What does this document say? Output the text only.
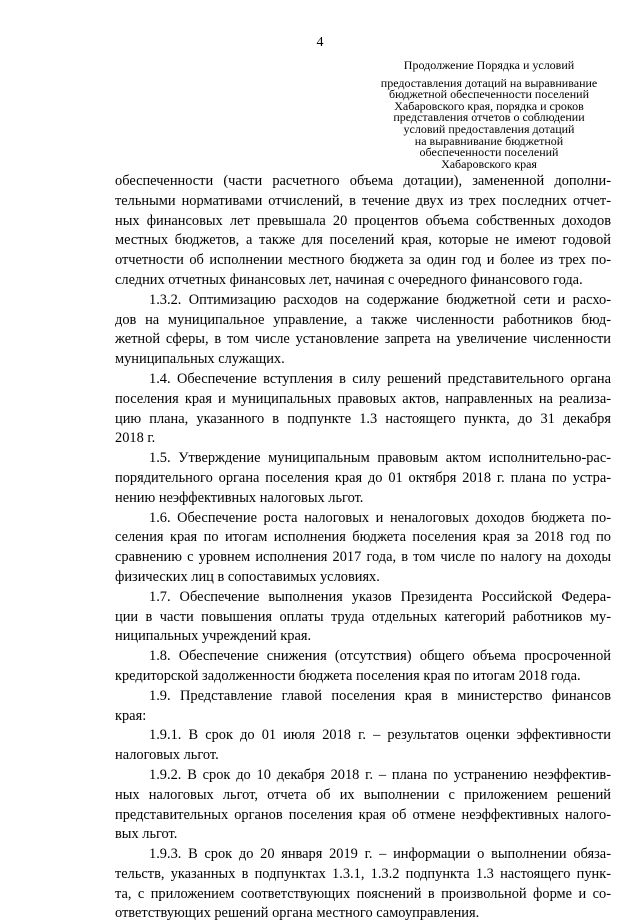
4
Продолжение Порядка и условий
предоставления дотаций на выравнивание
бюджетной обеспеченности поселений
Хабаровского края, порядка и сроков
представления отчетов о соблюдении
условий предоставления дотаций
на выравнивание бюджетной
обеспеченности поселений
Хабаровского края

обеспеченности (части расчетного объема дотации), замененной дополни-
тельными нормативами отчислений, в течение двух из трех последних отчет-
ных финансовых лет превышала 20 процентов объема собственных доходов
местных бюджетов, а также для поселений края, которые не имеют годовой
отчетности об исполнении местного бюджета за один год и более из трех по-
следних отчетных финансовых лет, начиная с очередного финансового года.

1.3.2. Оптимизацию расходов на содержание бюджетной сети и расхо-
дов на муниципальное управление, а также численности работников бюд-
жетной сферы, в том числе установление запрета на увеличение численности
муниципальных служащих.

1.4. Обеспечение вступления в силу решений представительного органа
поселения края и муниципальных правовых актов, направленных на реализа-
цию плана, указанного в подпункте 1.3 настоящего пункта, до 31 декабря
2018 г.

1.5. Утверждение муниципальным правовым актом исполнительно-рас-
порядительного органа поселения края до 01 октября 2018 г. плана по устра-
нению неэффективных налоговых льгот.

1.6. Обеспечение роста налоговых и неналоговых доходов бюджета по-
селения края по итогам исполнения бюджета поселения края за 2018 год по
сравнению с уровнем исполнения 2017 года, в том числе по налогу на доходы
физических лиц в сопоставимых условиях.

1.7. Обеспечение выполнения указов Президента Российской Федера-
ции в части повышения оплаты труда отдельных категорий работников му-
ниципальных учреждений края.

1.8. Обеспечение снижения (отсутствия) общего объема просроченной
кредиторской задолженности бюджета поселения края по итогам 2018 года.

1.9. Представление главой поселения края в министерство финансов
края:

1.9.1. В срок до 01 июля 2018 г. – результатов оценки эффективности
налоговых льгот.

1.9.2. В срок до 10 декабря 2018 г. – плана по устранению неэффектив-
ных налоговых льгот, отчета об их выполнении с приложением решений
представительных органов поселения края об отмене неэффективных налого-
вых льгот.

1.9.3. В срок до 20 января 2019 г. – информации о выполнении обяза-
тельств, указанных в подпунктах 1.3.1, 1.3.2 подпункта 1.3 настоящего пунк-
та, с приложением соответствующих пояснений в произвольной форме и со-
ответствующих решений органа местного самоуправления.
